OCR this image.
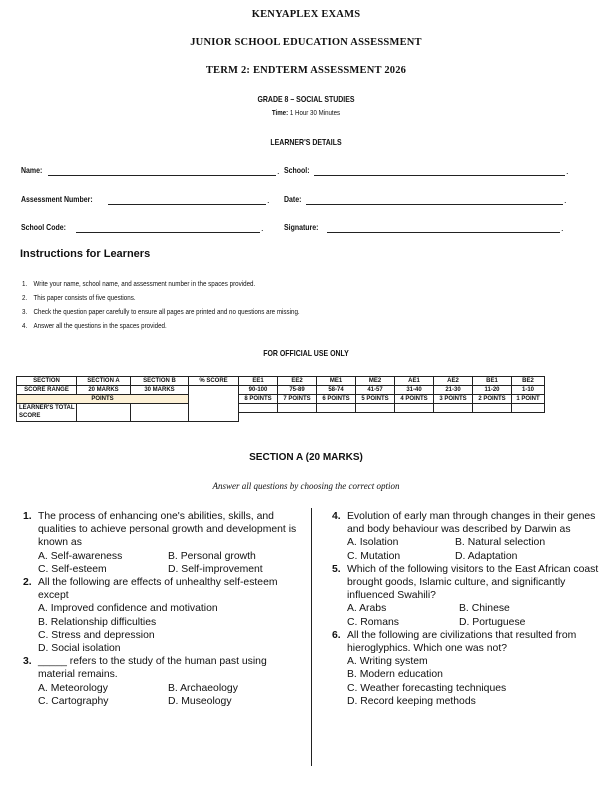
KENYAPLEX EXAMS
JUNIOR SCHOOL EDUCATION ASSESSMENT
TERM 2: ENDTERM ASSESSMENT 2026
GRADE 8 – SOCIAL STUDIES
Time: 1 Hour 30 Minutes
LEARNER'S DETAILS
Name:	. School:	.
Assessment Number:	. Date:	.
School Code:	. Signature:	.
Instructions for Learners
1. Write your name, school name, and assessment number in the spaces provided.
2. This paper consists of five questions.
3. Check the question paper carefully to ensure all pages are printed and no questions are missing.
4. Answer all the questions in the spaces provided.
FOR OFFICIAL USE ONLY
SECTION	SECTION A	SECTION B	% SCORE	EE1	EE2	ME1	ME2	AE1	AE2	BE1	BE2
SCORE RANGE	20 MARKS	30 MARKS		90-100	75-89	58-74	41-57	31-40	21-30	11-20	1-10
POINTS				8 POINTS	7 POINTS	6 POINTS	5 POINTS	4 POINTS	3 POINTS	2 POINTS	1 POINT
LEARNER'S TOTAL SCORE											

SECTION A (20 MARKS)
Answer all questions by choosing the correct option
1. The process of enhancing one's abilities, skills, and qualities to achieve personal growth and development is known as
A. Self-awareness	B. Personal growth
C. Self-esteem	D. Self-improvement
2. All the following are effects of unhealthy self-esteem except
A. Improved confidence and motivation
B. Relationship difficulties
C. Stress and depression
D. Social isolation
3. _____ refers to the study of the human past using material remains.
A. Meteorology	B. Archaeology
C. Cartography	D. Museology
4. Evolution of early man through changes in their genes and body behaviour was described by Darwin as
A. Isolation	B. Natural selection
C. Mutation	D. Adaptation
5. Which of the following visitors to the East African coast brought goods, Islamic culture, and significantly influenced Swahili?
A. Arabs	B. Chinese
C. Romans	D. Portuguese
6. All the following are civilizations that resulted from hieroglyphics. Which one was not?
A. Writing system
B. Modern education
C. Weather forecasting techniques
D. Record keeping methods
